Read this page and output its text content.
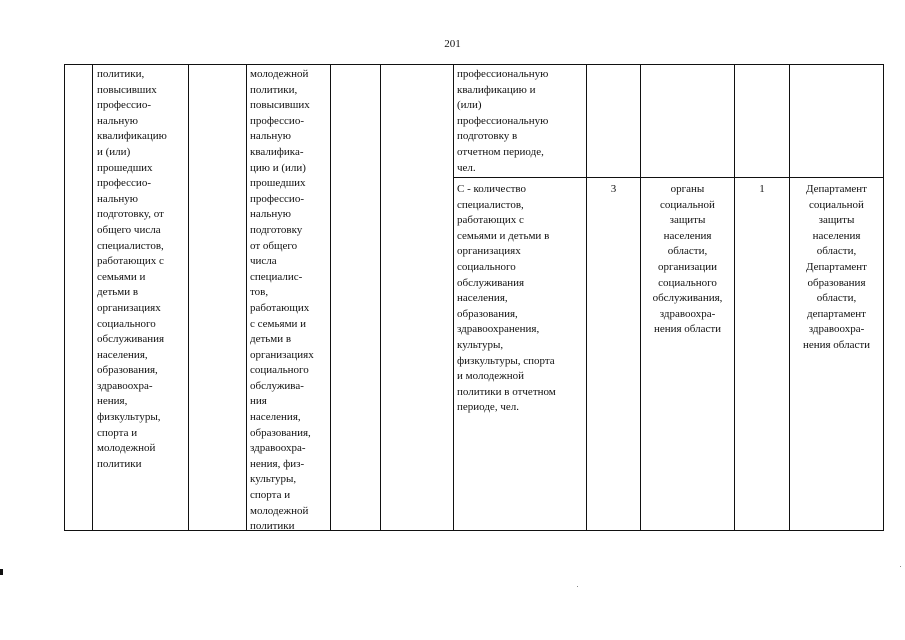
201
политики,
повысивших
профессио-
нальную
квалификацию
и (или)
прошедших
профессио-
нальную
подготовку, от
общего числа
специалистов,
работающих с
семьями и
детьми в
организациях
социального
обслуживания
населения,
образования,
здравоохра-
нения,
физкультуры,
спорта и
молодежной
политики
молодежной
политики,
повысивших
профессио-
нальную
квалифика-
цию и (или)
прошедших
профессио-
нальную
подготовку
от общего
числа
специалис-
тов,
работающих
с семьями и
детьми в
организациях
социального
обслужива-
ния
населения,
образования,
здравоохра-
нения, физ-
культуры,
спорта и
молодежной
политики
профессиональную
квалификацию и
(или)
профессиональную
подготовку в
отчетном периоде,
чел.
С - количество
специалистов,
работающих с
семьями и детьми в
организациях
социального
обслуживания
населения,
образования,
здравоохранения,
культуры,
физкультуры, спорта
и молодежной
политики в отчетном
периоде, чел.
3	органы
социальной
защиты
населения
области,
организации
социального
обслуживания,
здравоохра-
нения области
1	Департамент
социальной
защиты
населения
области,
Департамент
образования
области,
департамент
здравоохра-
нения области
